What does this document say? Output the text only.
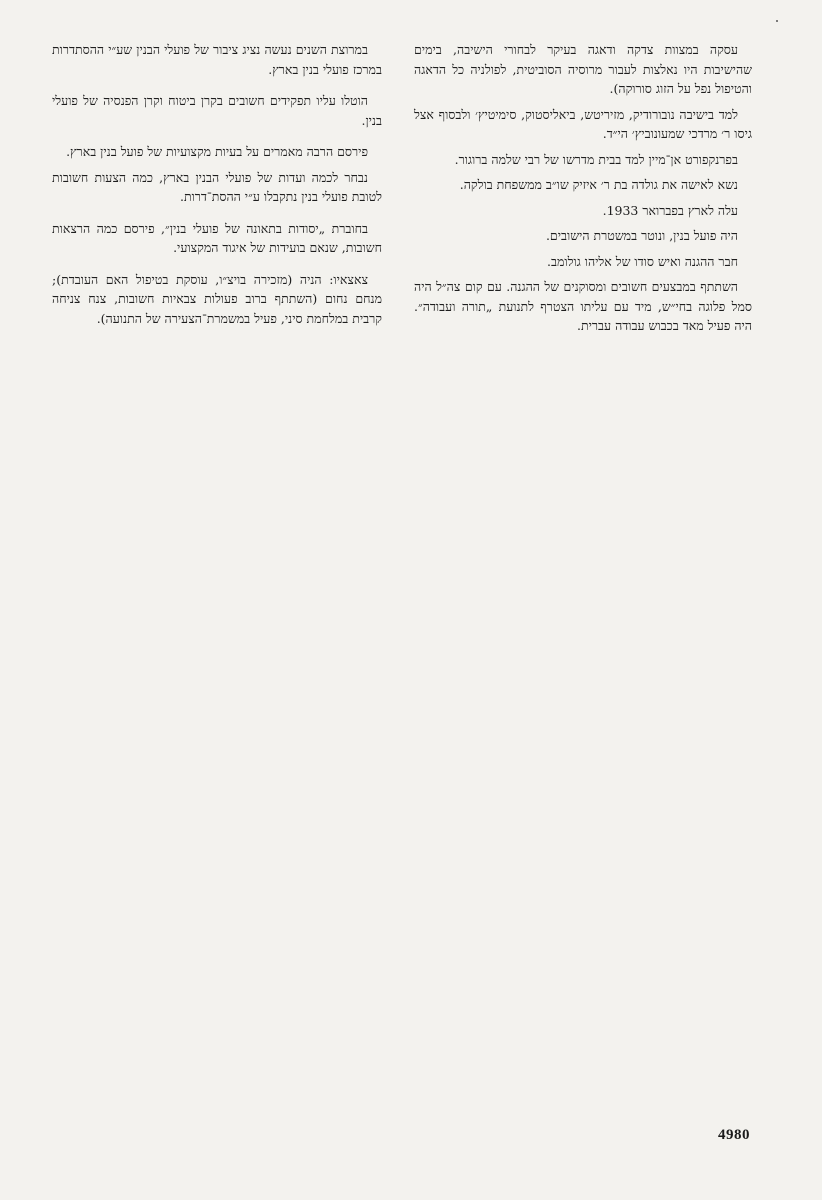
עסקה במצוות צדקה ודאגה בעיקר לבחורי הישיבה, בימים שהישיבות היו נאלצות לעבור מרוסיה הסוביטית, לפולניה כל הדאגה והטיפול נפל על הזוג סורוקה).

למד בישיבה נובורודיק, מזיריטש, ביאליסטוק, סימיטיץ׳ ולבסוף אצל גיסו ר׳ מרדכי שמעונוביץ׳ הי״ד.

בפרנקפורט אן־מיין למד בבית מדרשו של רבי שלמה ברוגור.

נשא לאישה את גולדה בת ר׳ איזיק שו״ב ממשפחת בולקה.

עלה לארץ בפברואר 1933.

היה פועל בנין, ונוטר במשטרת הישובים.

חבר ההגנה ואיש סודו של אליהו גולומב.

השתתף במבצעים חשובים ומסוקנים של ההגנה. עם קום צה״ל היה סמל פלוגה בחי״ש, מיד עם עליתו הצטרף לתנועת „תורה ועבודה״. היה פעיל מאד בכבוש עבודה עברית.

במרוצת השנים נעשה נציג ציבור של פועלי הבנין שע״י ההסתדרות במרכז פועלי בנין בארץ.

הוטלו עליו תפקידים חשובים בקרן ביטוח וקרן הפנסיה של פועלי בנין.

פירסם הרבה מאמרים על בעיות מקצועיות של פועל בנין בארץ.

נבחר לכמה ועדות של פועלי הבנין בארץ, כמה הצעות חשובות לטובת פועלי בנין נתקבלו ע״י ההסת־דרות.

בחוברת „יסודות בתאונה של פועלי בנין״, פירסם כמה הרצאות חשובות, שנאם בועידות של איגוד המקצועי.

צאצאיו: הניה (מזכירה בויצ״ו, עוסקת בטיפול האם העובדת); מנחם נחום (השתתף ברוב פעולות צבאיות חשובות, צנח צניחה קרבית במלחמת סיני, פעיל במשמרת־הצעירה של התנועה).

4980
